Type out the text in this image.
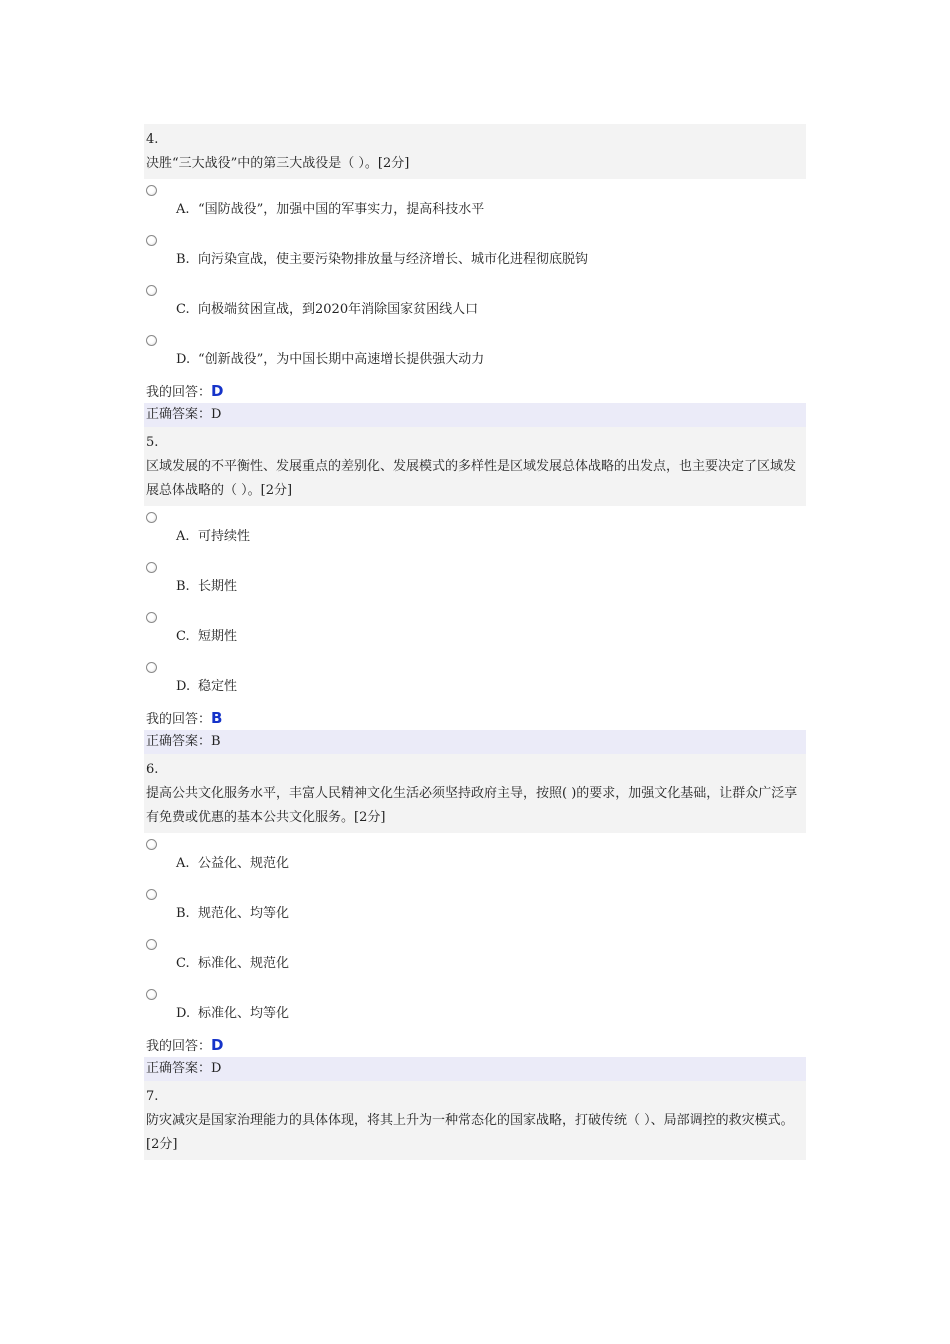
4.
决胜“三大战役”中的第三大战役是（ ）。[2分]
A. “国防战役”，加强中国的军事实力，提高科技水平
B. 向污染宣战，使主要污染物排放量与经济增长、城市化进程彻底脱钩
C. 向极端贫困宣战，到2020年消除国家贫困线人口
D. “创新战役”，为中国长期中高速增长提供强大动力
我的回答：D
正确答案：D
5.
区域发展的不平衡性、发展重点的差别化、发展模式的多样性是区域发展总体战略的出发点，也主要决定了区域发展总体战略的（ ）。[2分]
A. 可持续性
B. 长期性
C. 短期性
D. 稳定性
我的回答：B
正确答案：B
6.
提高公共文化服务水平，丰富人民精神文化生活必须坚持政府主导，按照( )的要求，加强文化基础，让群众广泛享有免费或优惠的基本公共文化服务。[2分]
A. 公益化、规范化
B. 规范化、均等化
C. 标准化、规范化
D. 标准化、均等化
我的回答：D
正确答案：D
7.
防灾减灾是国家治理能力的具体体现，将其上升为一种常态化的国家战略，打破传统（ ）、局部调控的救灾模式。[2分]
